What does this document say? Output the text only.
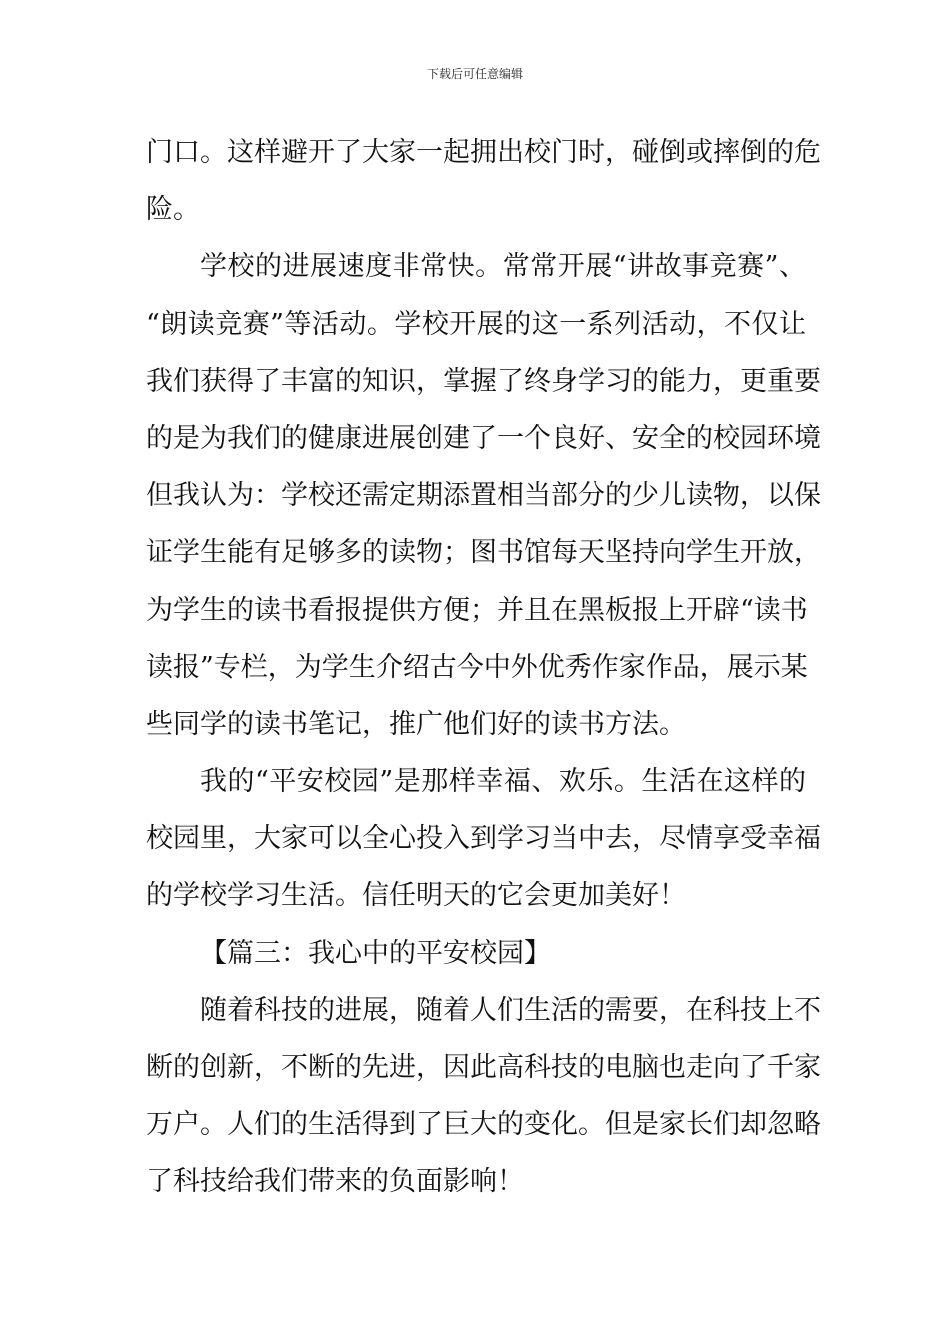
下载后可任意编辑
门口。这样避开了大家一起拥出校门时，碰倒或摔倒的危
险。
学校的进展速度非常快。常常开展“讲故事竞赛”、
“朗读竞赛”等活动。学校开展的这一系列活动，不仅让
我们获得了丰富的知识，掌握了终身学习的能力，更重要
的是为我们的健康进展创建了一个良好、安全的校园环境
但我认为：学校还需定期添置相当部分的少儿读物，以保
证学生能有足够多的读物；图书馆每天坚持向学生开放，
为学生的读书看报提供方便；并且在黑板报上开辟“读书
读报”专栏，为学生介绍古今中外优秀作家作品，展示某
些同学的读书笔记，推广他们好的读书方法。
我的“平安校园”是那样幸福、欢乐。生活在这样的
校园里，大家可以全心投入到学习当中去，尽情享受幸福
的学校学习生活。信任明天的它会更加美好！
【篇三：我心中的平安校园】
随着科技的进展，随着人们生活的需要，在科技上不
断的创新，不断的先进，因此高科技的电脑也走向了千家
万户。人们的生活得到了巨大的变化。但是家长们却忽略
了科技给我们带来的负面影响！
